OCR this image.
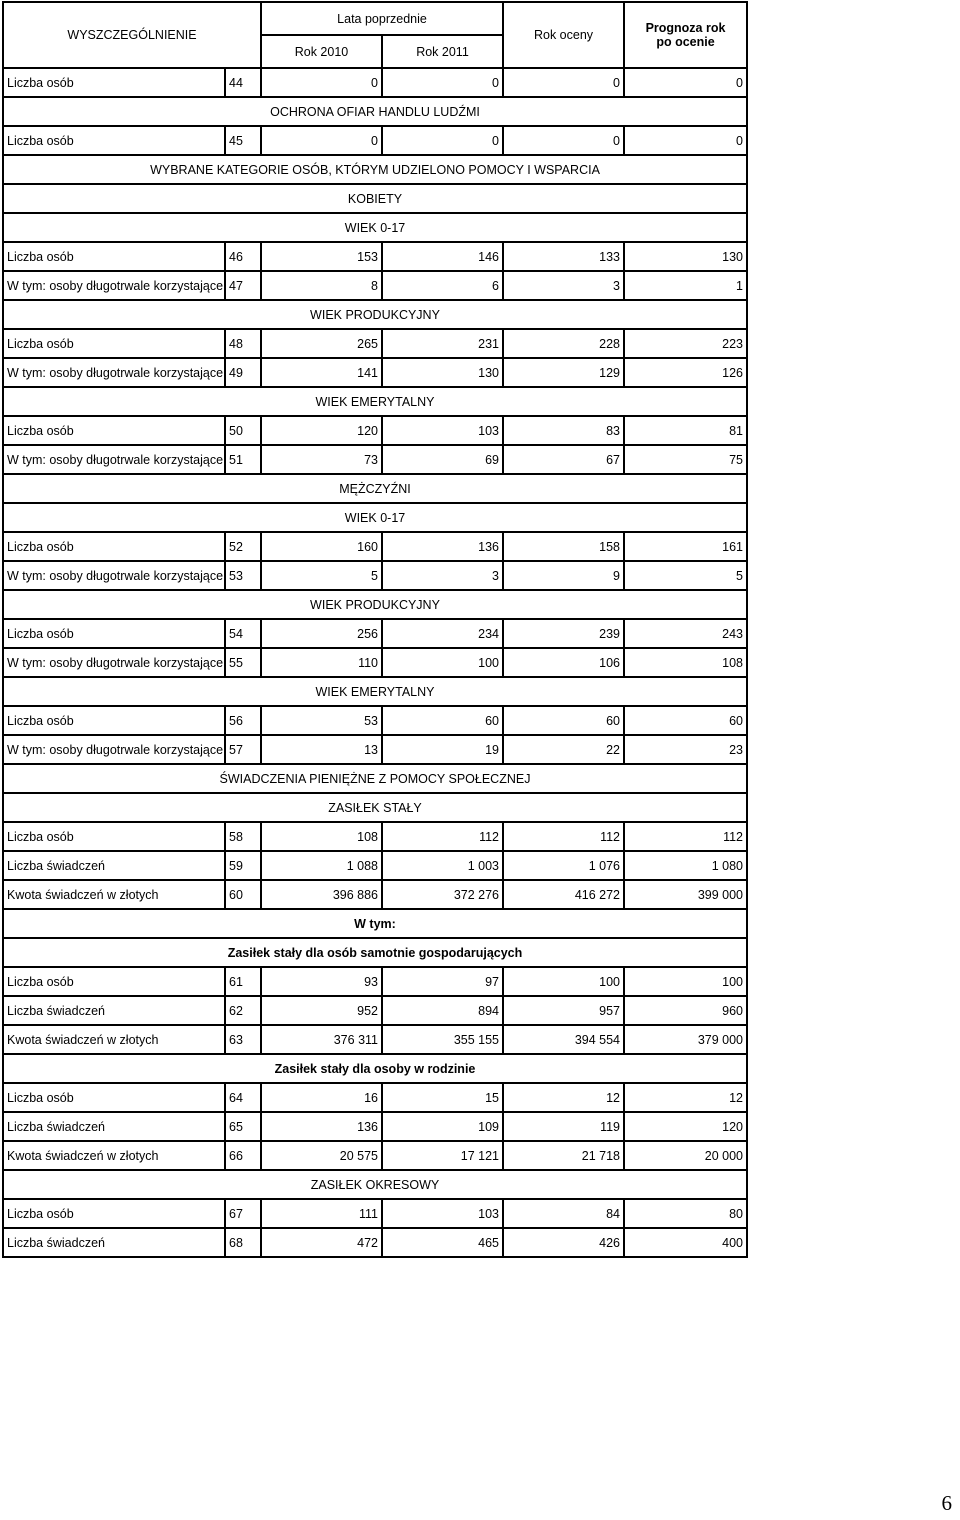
WYSZCZEGÓLNIENIE		Lata poprzednie		Rok oceny	Prognoza rok
po ocenie
		Rok 2010	Rok 2011		
Liczba osób	44	0	0	0	0
OCHRONA OFIAR HANDLU LUDŹMI					
Liczba osób	45	0	0	0	0
WYBRANE KATEGORIE OSÓB, KTÓRYM UDZIELONO POMOCY I WSPARCIA					
KOBIETY					
WIEK 0-17					
Liczba osób	46	153	146	133	130
W tym: osoby długotrwale korzystające	47	8	6	3	1
WIEK PRODUKCYJNY					
Liczba osób	48	265	231	228	223
W tym: osoby długotrwale korzystające	49	141	130	129	126
WIEK EMERYTALNY					
Liczba osób	50	120	103	83	81
W tym: osoby długotrwale korzystające	51	73	69	67	75
MĘŻCZYŹNI					
WIEK 0-17					
Liczba osób	52	160	136	158	161
W tym: osoby długotrwale korzystające	53	5	3	9	5
WIEK PRODUKCYJNY					
Liczba osób	54	256	234	239	243
W tym: osoby długotrwale korzystające	55	110	100	106	108
WIEK EMERYTALNY					
Liczba osób	56	53	60	60	60
W tym: osoby długotrwale korzystające	57	13	19	22	23
ŚWIADCZENIA PIENIĘŻNE Z POMOCY SPOŁECZNEJ					
ZASIŁEK STAŁY					
Liczba osób	58	108	112	112	112
Liczba świadczeń	59	1 088	1 003	1 076	1 080
Kwota świadczeń w złotych	60	396 886	372 276	416 272	399 000
W tym:					
Zasiłek stały dla osób samotnie gospodarujących					
Liczba osób	61	93	97	100	100
Liczba świadczeń	62	952	894	957	960
Kwota świadczeń w złotych	63	376 311	355 155	394 554	379 000
Zasiłek stały dla osoby w rodzinie					
Liczba osób	64	16	15	12	12
Liczba świadczeń	65	136	109	119	120
Kwota świadczeń w złotych	66	20 575	17 121	21 718	20 000
ZASIŁEK OKRESOWY					
Liczba osób	67	111	103	84	80
Liczba świadczeń	68	472	465	426	400
6
